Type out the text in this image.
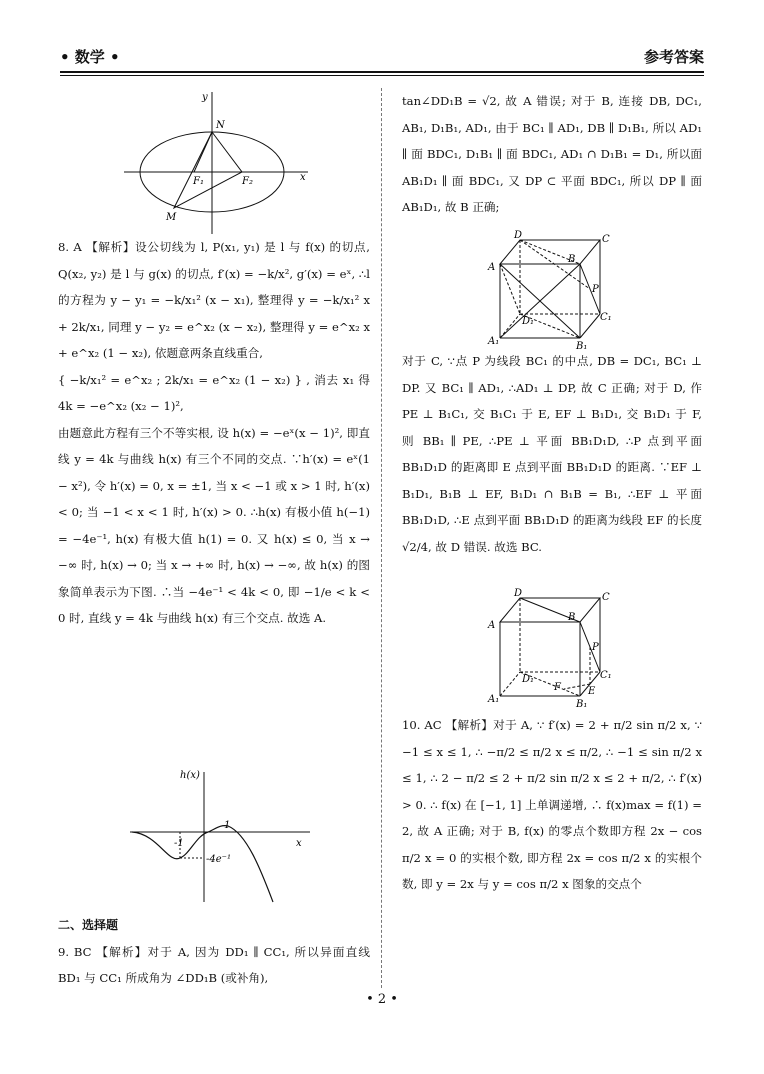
• 数学 •	参考答案
y
x
N
F₁	F₂
M

8. A 【解析】设公切线为 l, P(x₁, y₁) 是 l 与 f(x) 的切点, Q(x₂, y₂) 是 l 与 g(x) 的切点, f′(x) = −k/x², g′(x) = eˣ, ∴l 的方程为 y − y₁ = −k/x₁² (x − x₁), 整理得 y = −k/x₁² x + 2k/x₁, 同理 y − y₂ = e^x₂ (x − x₂), 整理得 y = e^x₂ x + e^x₂ (1 − x₂), 依题意两条直线重合,

{ −k/x₁² = e^x₂ ; 2k/x₁ = e^x₂ (1 − x₂) } , 消去 x₁ 得 4k = −e^x₂ (x₂ − 1)²,

由题意此方程有三个不等实根, 设 h(x) = −eˣ(x − 1)², 即直线 y = 4k 与曲线 h(x) 有三个不同的交点. ∵h′(x) = eˣ(1 − x²), 令 h′(x) = 0, x = ±1, 当 x < −1 或 x > 1 时, h′(x) < 0; 当 −1 < x < 1 时, h′(x) > 0. ∴h(x) 有极小值 h(−1) = −4e⁻¹, h(x) 有极大值 h(1) = 0. 又 h(x) ≤ 0, 当 x → −∞ 时, h(x) → 0; 当 x → +∞ 时, h(x) → −∞, 故 h(x) 的图象简单表示为下图. ∴当 −4e⁻¹ < 4k < 0, 即 −1/e < k < 0 时, 直线 y = 4k 与曲线 h(x) 有三个交点. 故选 A.

h(x)
x
-1
1
-4e⁻¹

二、选择题

9. BC 【解析】对于 A, 因为 DD₁ ∥ CC₁, 所以异面直线 BD₁ 与 CC₁ 所成角为 ∠DD₁B (或补角),

tan∠DD₁B = √2, 故 A 错误; 对于 B, 连接 DB, DC₁, AB₁, D₁B₁, AD₁, 由于 BC₁ ∥ AD₁, DB ∥ D₁B₁, 所以 AD₁ ∥ 面 BDC₁, D₁B₁ ∥ 面 BDC₁, AD₁ ∩ D₁B₁ = D₁, 所以面 AB₁D₁ ∥ 面 BDC₁, 又 DP ⊂ 平面 BDC₁, 所以 DP ∥ 面 AB₁D₁, 故 B 正确;

D	C
A
B
P
D₁	C₁
A₁	B₁

对于 C, ∵点 P 为线段 BC₁ 的中点, DB = DC₁, BC₁ ⊥ DP. 又 BC₁ ∥ AD₁, ∴AD₁ ⊥ DP, 故 C 正确; 对于 D, 作 PE ⊥ B₁C₁, 交 B₁C₁ 于 E, EF ⊥ B₁D₁, 交 B₁D₁ 于 F, 则 BB₁ ∥ PE, ∴PE ⊥ 平面 BB₁D₁D, ∴P 点到平面 BB₁D₁D 的距离即 E 点到平面 BB₁D₁D 的距离. ∵EF ⊥ B₁D₁, B₁B ⊥ EF, B₁D₁ ∩ B₁B = B₁, ∴EF ⊥ 平面 BB₁D₁D, ∴E 点到平面 BB₁D₁D 的距离为线段 EF 的长度 √2/4, 故 D 错误. 故选 BC.

D	C
A
B
P
D₁	C₁
E
F
A₁	B₁

10. AC 【解析】对于 A, ∵ f′(x) = 2 + π/2 sin π/2 x, ∵ −1 ≤ x ≤ 1, ∴ −π/2 ≤ π/2 x ≤ π/2, ∴ −1 ≤ sin π/2 x ≤ 1, ∴ 2 − π/2 ≤ 2 + π/2 sin π/2 x ≤ 2 + π/2, ∴ f′(x) > 0. ∴ f(x) 在 [−1, 1] 上单调递增, ∴ f(x)max = f(1) = 2, 故 A 正确; 对于 B, f(x) 的零点个数即方程 2x − cos π/2 x = 0 的实根个数, 即方程 2x = cos π/2 x 的实根个数, 即 y = 2x 与 y = cos π/2 x 图象的交点个

• 2 •
